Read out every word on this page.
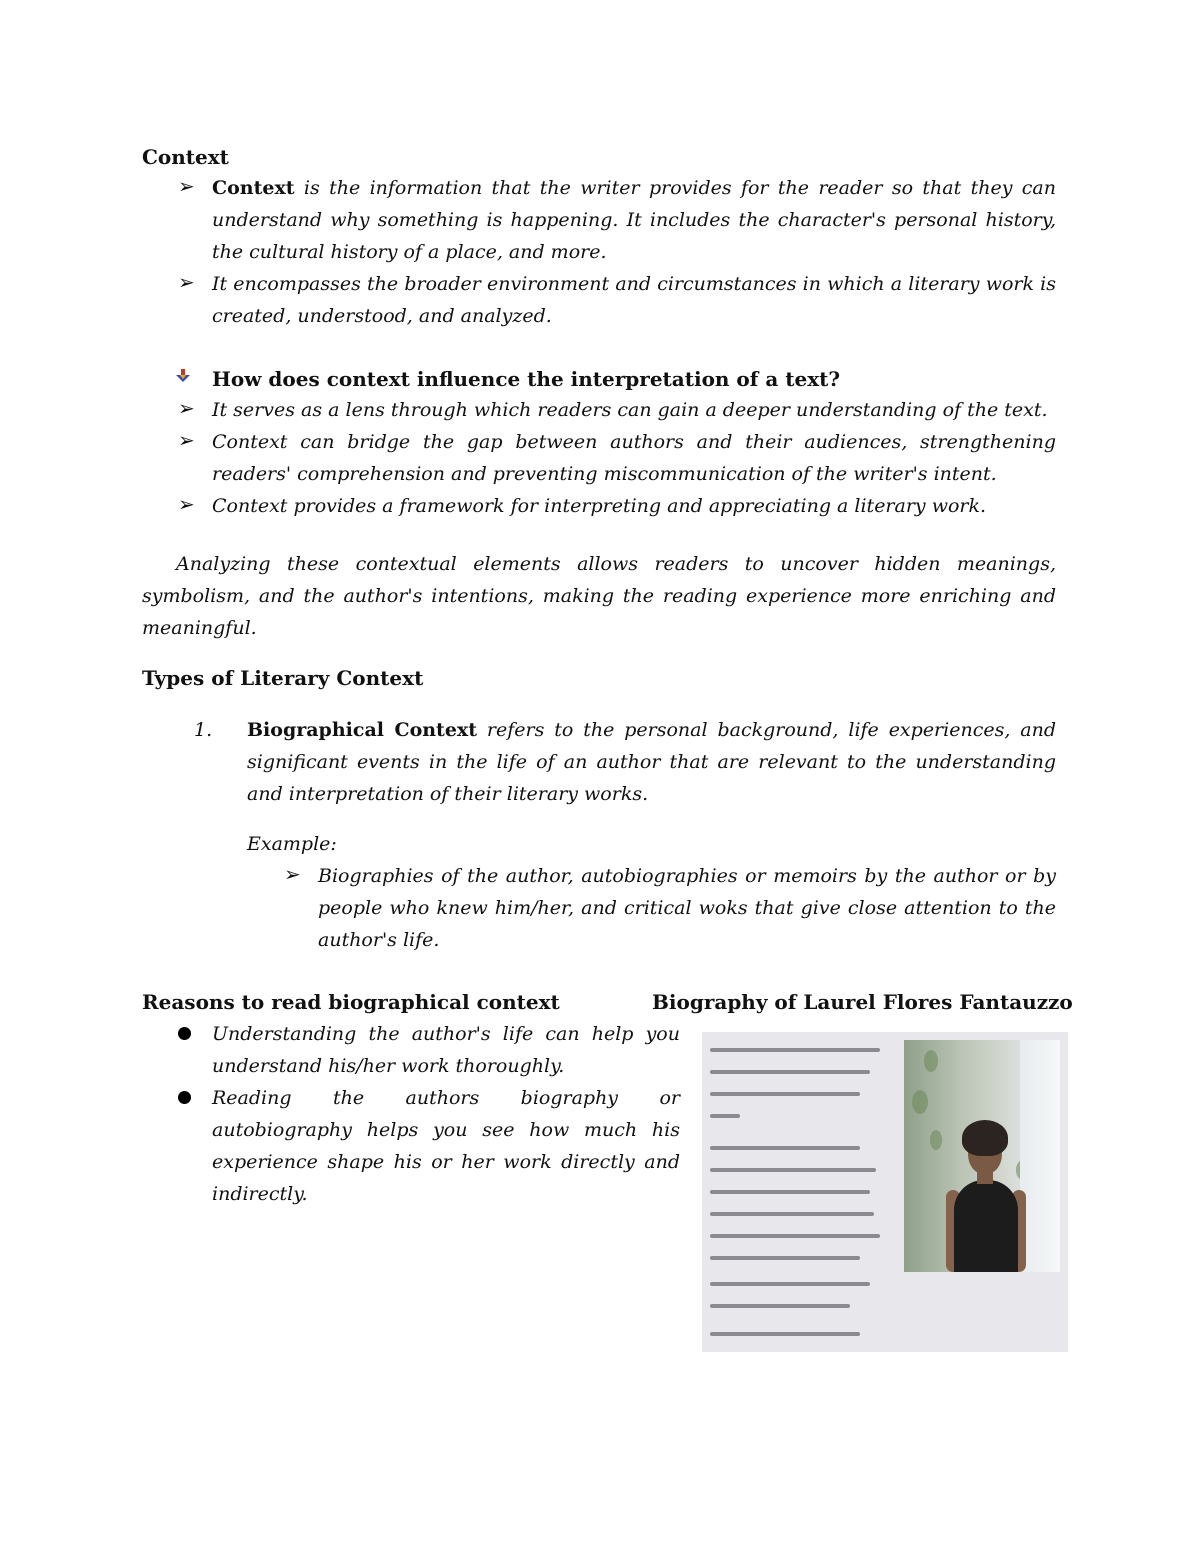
Context
➢ Context is the information that the writer provides for the reader so that they can
understand why something is happening. It includes the character's personal history,
the cultural history of a place, and more.
➢ It encompasses the broader environment and circumstances in which a literary work is
created, understood, and analyzed.
How does context influence the interpretation of a text?
➢ It serves as a lens through which readers can gain a deeper understanding of the text.
➢ Context can bridge the gap between authors and their audiences, strengthening
readers' comprehension and preventing miscommunication of the writer's intent.
➢ Context provides a framework for interpreting and appreciating a literary work.
Analyzing these contextual elements allows readers to uncover hidden meanings,
symbolism, and the author's intentions, making the reading experience more enriching and
meaningful.
Types of Literary Context
1. Biographical Context refers to the personal background, life experiences, and
significant events in the life of an author that are relevant to the understanding
and interpretation of their literary works.
Example:
➢ Biographies of the author, autobiographies or memoirs by the author or by
people who knew him/her, and critical woks that give close attention to the
author's life.
Reasons to read biographical context	Biography of Laurel Flores Fantauzzo
Understanding the author's life can help you
understand his/her work thoroughly.
Reading the authors biography or
autobiography helps you see how much his
experience shape his or her work directly and
indirectly.
